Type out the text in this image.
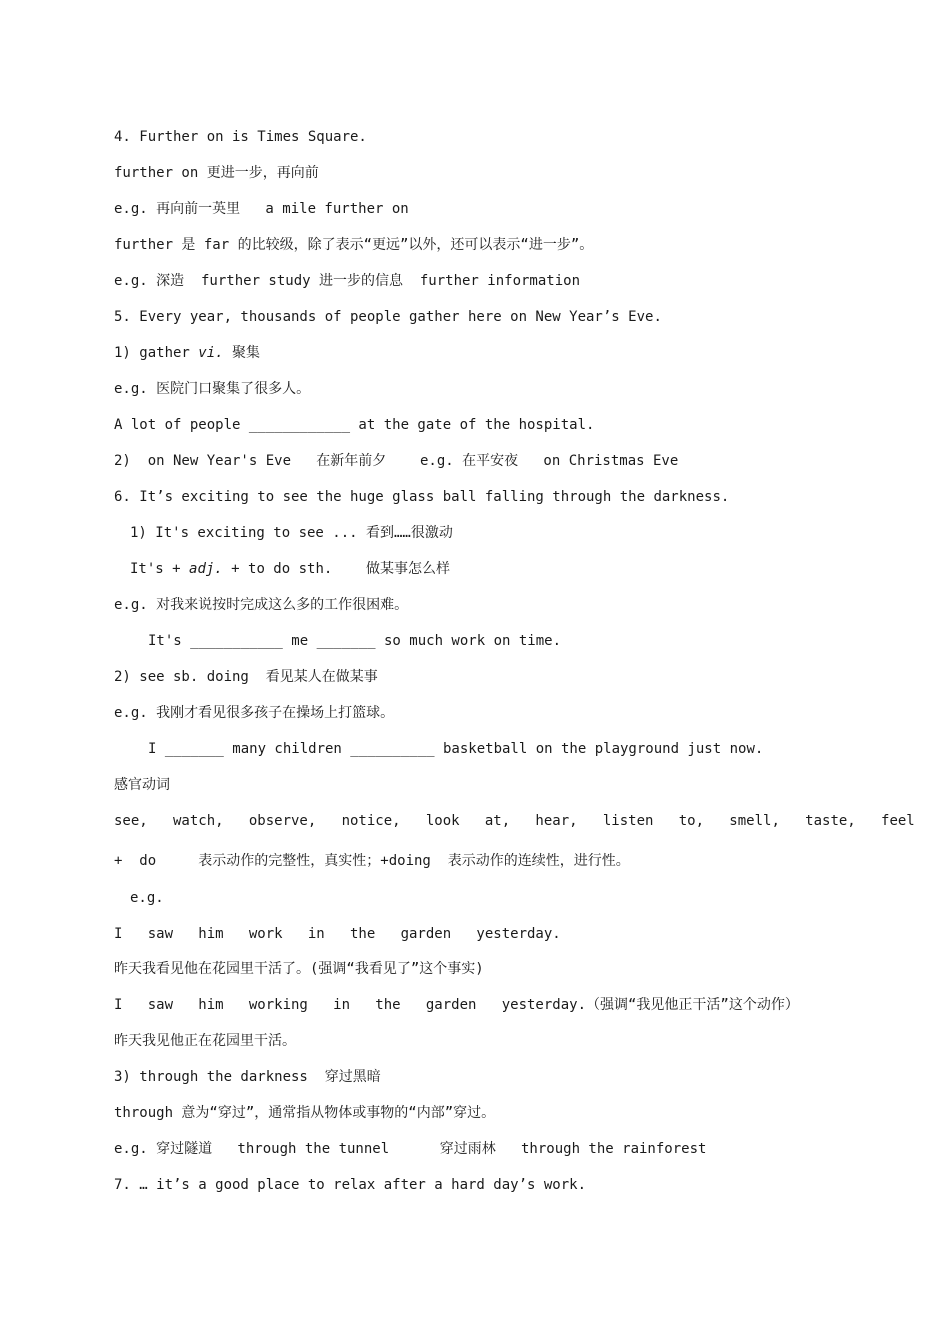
4. Further on is Times Square.
further on 更进一步，再向前
e.g. 再向前一英里   a mile further on
further 是 far 的比较级，除了表示“更远”以外，还可以表示“进一步”。
e.g. 深造  further study 进一步的信息  further information
5. Every year, thousands of people gather here on New Year’s Eve.
1) gather vi. 聚集
e.g. 医院门口聚集了很多人。
A lot of people ____________ at the gate of the hospital.
2)  on New Year's Eve   在新年前夕    e.g. 在平安夜   on Christmas Eve
6. It’s exciting to see the huge glass ball falling through the darkness.
1) It's exciting to see ... 看到……很激动
It's + adj. + to do sth.    做某事怎么样
e.g. 对我来说按时完成这么多的工作很困难。
It's ___________ me _______ so much work on time.
2) see sb. doing  看见某人在做某事
e.g. 我刚才看见很多孩子在操场上打篮球。
I _______ many children __________ basketball on the playground just now.
感官动词
see,   watch,   observe,   notice,   look   at,   hear,   listen   to,   smell,   taste,   feel
+  do     表示动作的完整性，真实性；+doing  表示动作的连续性，进行性。
e.g.
I   saw   him   work   in   the   garden   yesterday.
昨天我看见他在花园里干活了。(强调“我看见了”这个事实)
I   saw   him   working   in   the   garden   yesterday.（强调“我见他正干活”这个动作）
昨天我见他正在花园里干活。
3) through the darkness  穿过黑暗
through 意为“穿过”，通常指从物体或事物的“内部”穿过。
e.g. 穿过隧道   through the tunnel      穿过雨林   through the rainforest
7. … it’s a good place to relax after a hard day’s work.
